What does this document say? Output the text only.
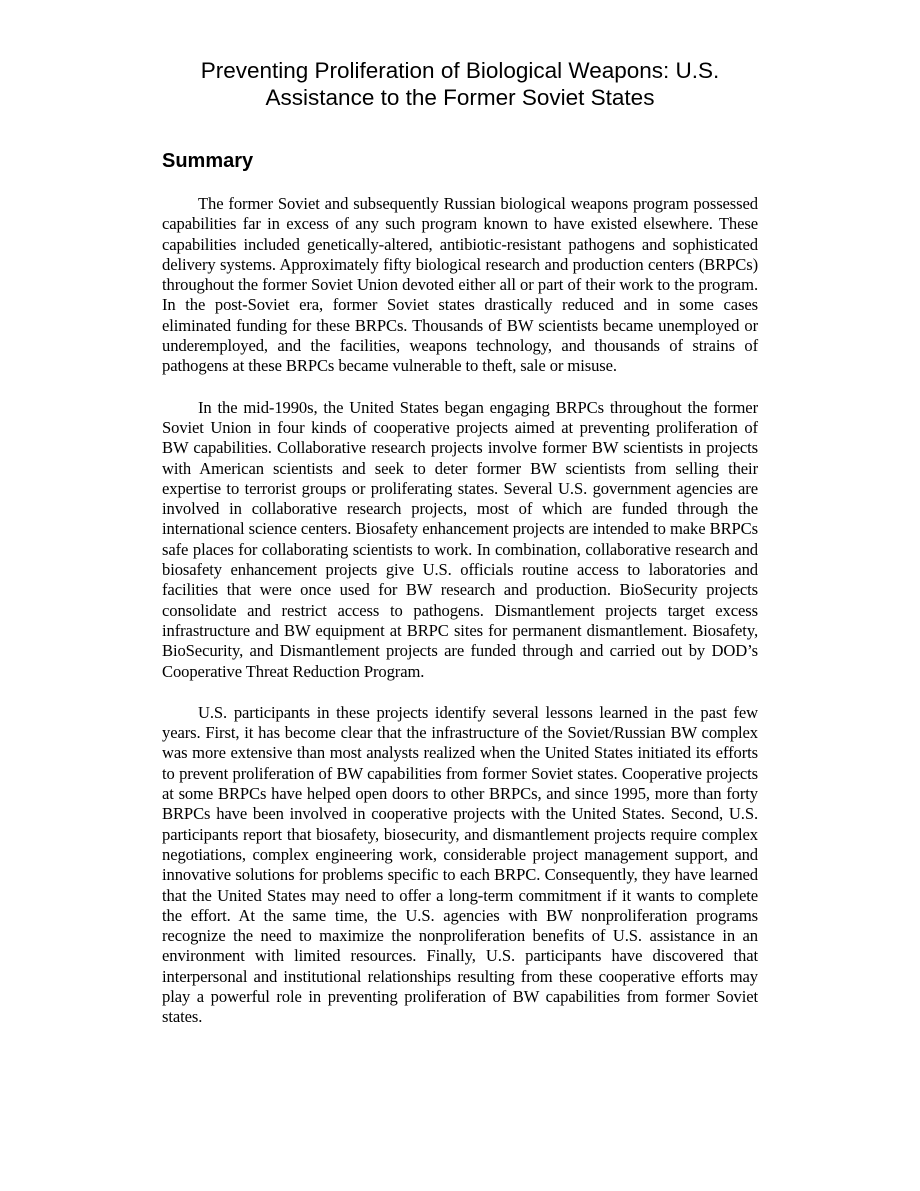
Preventing Proliferation of Biological Weapons: U.S.
Assistance to the Former Soviet States
Summary

The former Soviet and subsequently Russian biological weapons program possessed capabilities far in excess of any such program known to have existed elsewhere. These capabilities included genetically-altered, antibiotic-resistant pathogens and sophisticated delivery systems. Approximately fifty biological research and production centers (BRPCs) throughout the former Soviet Union devoted either all or part of their work to the program. In the post-Soviet era, former Soviet states drastically reduced and in some cases eliminated funding for these BRPCs. Thousands of BW scientists became unemployed or underemployed, and the facilities, weapons technology, and thousands of strains of pathogens at these BRPCs became vulnerable to theft, sale or misuse.

In the mid-1990s, the United States began engaging BRPCs throughout the former Soviet Union in four kinds of cooperative projects aimed at preventing proliferation of BW capabilities. Collaborative research projects involve former BW scientists in projects with American scientists and seek to deter former BW scientists from selling their expertise to terrorist groups or proliferating states. Several U.S. government agencies are involved in collaborative research projects, most of which are funded through the international science centers. Biosafety enhancement projects are intended to make BRPCs safe places for collaborating scientists to work. In combination, collaborative research and biosafety enhancement projects give U.S. officials routine access to laboratories and facilities that were once used for BW research and production. BioSecurity projects consolidate and restrict access to pathogens. Dismantlement projects target excess infrastructure and BW equipment at BRPC sites for permanent dismantlement. Biosafety, BioSecurity, and Dismantlement projects are funded through and carried out by DOD’s Cooperative Threat Reduction Program.

U.S. participants in these projects identify several lessons learned in the past few years. First, it has become clear that the infrastructure of the Soviet/Russian BW complex was more extensive than most analysts realized when the United States initiated its efforts to prevent proliferation of BW capabilities from former Soviet states. Cooperative projects at some BRPCs have helped open doors to other BRPCs, and since 1995, more than forty BRPCs have been involved in cooperative projects with the United States. Second, U.S. participants report that biosafety, biosecurity, and dismantlement projects require complex negotiations, complex engineering work, considerable project management support, and innovative solutions for problems specific to each BRPC. Consequently, they have learned that the United States may need to offer a long-term commitment if it wants to complete the effort. At the same time, the U.S. agencies with BW nonproliferation programs recognize the need to maximize the nonproliferation benefits of U.S. assistance in an environment with limited resources. Finally, U.S. participants have discovered that interpersonal and institutional relationships resulting from these cooperative efforts may play a powerful role in preventing proliferation of BW capabilities from former Soviet states.
